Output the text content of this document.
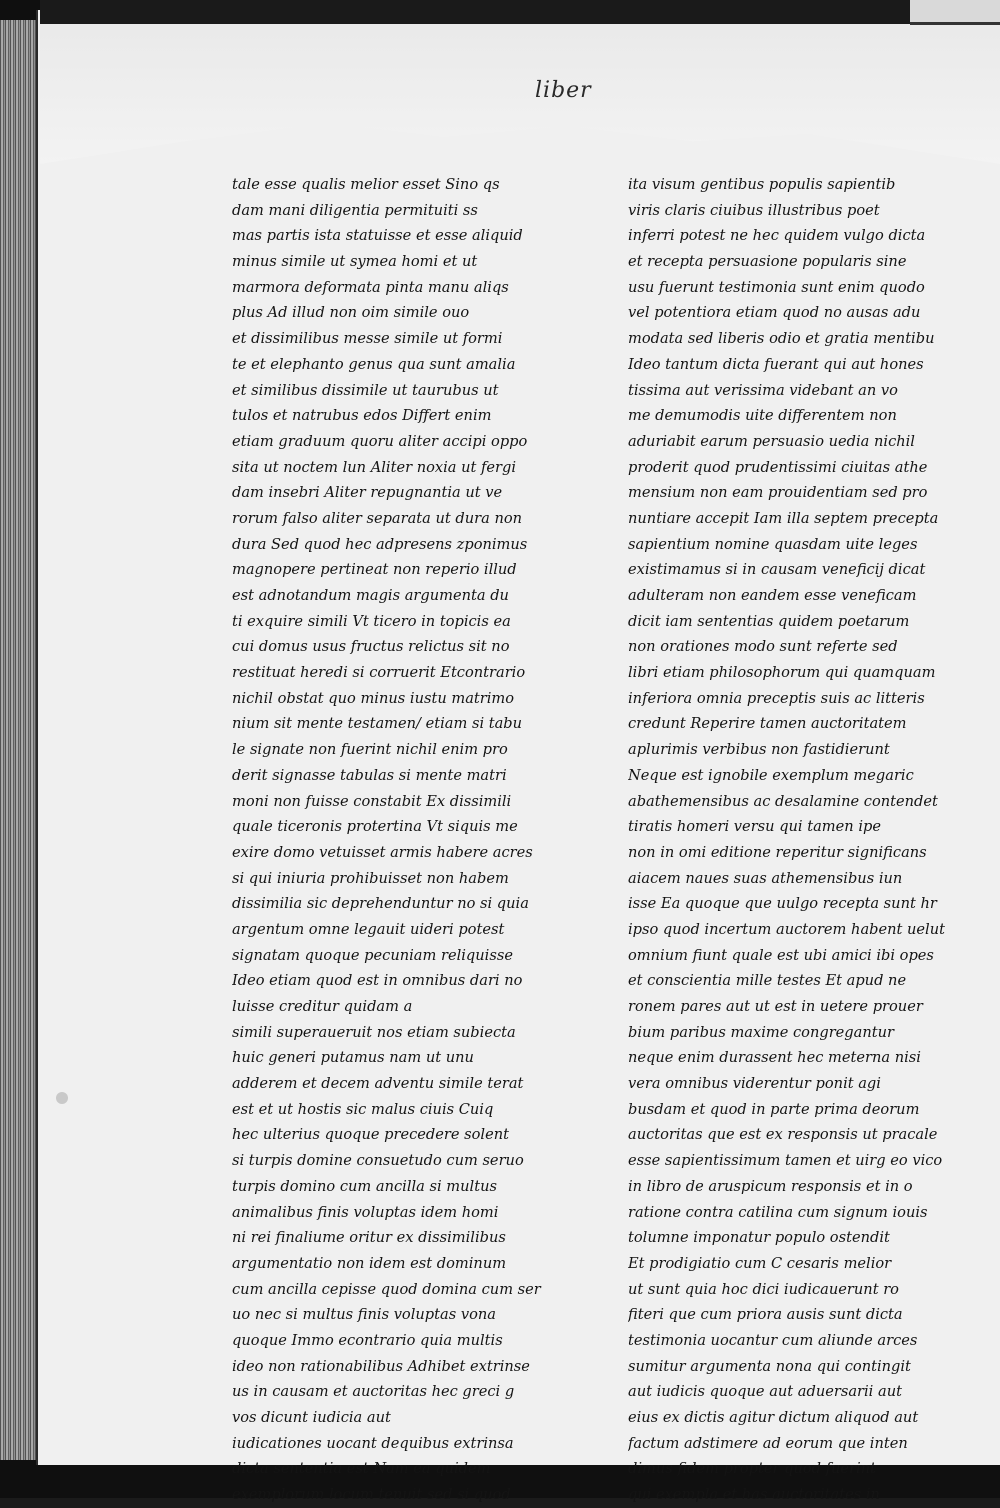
liber
tale esse qualis melior esset Sino qs
dam mani diligentia permituiti ss
mas partis ista statuisse et esse aliquid
minus simile ut symea homi et ut
marmora deformata pinta manu aliqs
plus Ad illud non oim simile ouo
et dissimilibus messe simile ut formi
te et elephanto genus qua sunt amalia
et similibus dissimile ut taurubus ut
tulos et natrubus edos Differt enim
etiam graduum quoru aliter accipi oppo
sita ut noctem lun Aliter noxia ut fergi
dam insebri Aliter repugnantia ut ve
rorum falso aliter separata ut dura non
dura Sed quod hec adpresens zponimus
magnopere pertineat non reperio illud
est adnotandum magis argumenta du
ti exquire simili Vt ticero in topicis ea
cui domus usus fructus relictus sit no
restituat heredi si corruerit Etcontrario
nichil obstat quo minus iustu matrimo
nium sit mente testamen/ etiam si tabu
le signate non fuerint nichil enim pro
derit signasse tabulas si mente matri
moni non fuisse constabit Ex dissimili
quale ticeronis protertina Vt siquis me
exire domo vetuisset armis habere acres
si qui iniuria prohibuisset non habem
dissimilia sic deprehenduntur no si quia
argentum omne legauit uideri potest
signatam quoque pecuniam reliquisse
Ideo etiam quod est in omnibus dari no
luisse creditur quidam a
simili superaueruit nos etiam subiecta
huic generi putamus nam ut unu
adderem et decem adventu simile terat
est et ut hostis sic malus ciuis Cuiq
hec ulterius quoque precedere solent
si turpis domine consuetudo cum seruo
turpis domino cum ancilla si multus
animalibus finis voluptas idem homi
ni rei finaliume oritur ex dissimilibus
argumentatio non idem est dominum
cum ancilla cepisse quod domina cum ser
uo nec si multus finis voluptas vona
quoque Immo econtrario quia multis
ideo non rationabilibus Adhibet extrinse
us in causam et auctoritas hec greci g
vos dicunt iudicia aut
iudicationes uocant dequibus extrinsa
dicta sententia est Nam ea quidem
exemplorum locum tenuit sed si quod
ita visum gentibus populis sapientib
viris claris ciuibus illustribus poet
inferri potest ne hec quidem vulgo dicta
et recepta persuasione popularis sine
usu fuerunt testimonia sunt enim quodo
vel potentiora etiam quod no ausas adu
modata sed liberis odio et gratia mentibu
Ideo tantum dicta fuerant qui aut hones
tissima aut verissima videbant an vo
me demumodis uite differentem non
aduriabit earum persuasio uedia nichil
proderit quod prudentissimi ciuitas athe
mensium non eam prouidentiam sed pro
nuntiare accepit Iam illa septem precepta
sapientium nomine quasdam uite leges
existimamus si in causam veneficij dicat
adulteram non eandem esse veneficam
dicit iam sententias quidem poetarum
non orationes modo sunt referte sed
libri etiam philosophorum qui quamquam
inferiora omnia preceptis suis ac litteris
credunt Reperire tamen auctoritatem
aplurimis verbibus non fastidierunt
Neque est ignobile exemplum megaric
abathemensibus ac desalamine contendet
tiratis homeri versu qui tamen ipe
non in omi editione reperitur significans
aiacem naues suas athemensibus iun
isse Ea quoque que uulgo recepta sunt hr
ipso quod incertum auctorem habent uelut
omnium fiunt quale est ubi amici ibi opes
et conscientia mille testes Et apud ne
ronem pares aut ut est in uetere prouer
bium paribus maxime congregantur
neque enim durassent hec meterna nisi
vera omnibus viderentur ponit agi
busdam et quod in parte prima deorum
auctoritas que est ex responsis ut pracale
esse sapientissimum tamen et uirg eo vico
in libro de aruspicum responsis et in o
ratione contra catilina cum signum iouis
tolumne imponatur populo ostendit
Et prodigiatio cum C cesaris melior
ut sunt quia hoc dici iudicauerunt ro
fiteri que cum priora ausis sunt dicta
testimonia uocantur cum aliunde arces
sumitur argumenta nona qui contingit
aut iudicis quoque aut aduersarii aut
eius ex dictis agitur dictum aliquod aut
factum adstimere ad eorum que inten
dimus fidem propter quod fuerint
qui exempla et has auctoritates in
